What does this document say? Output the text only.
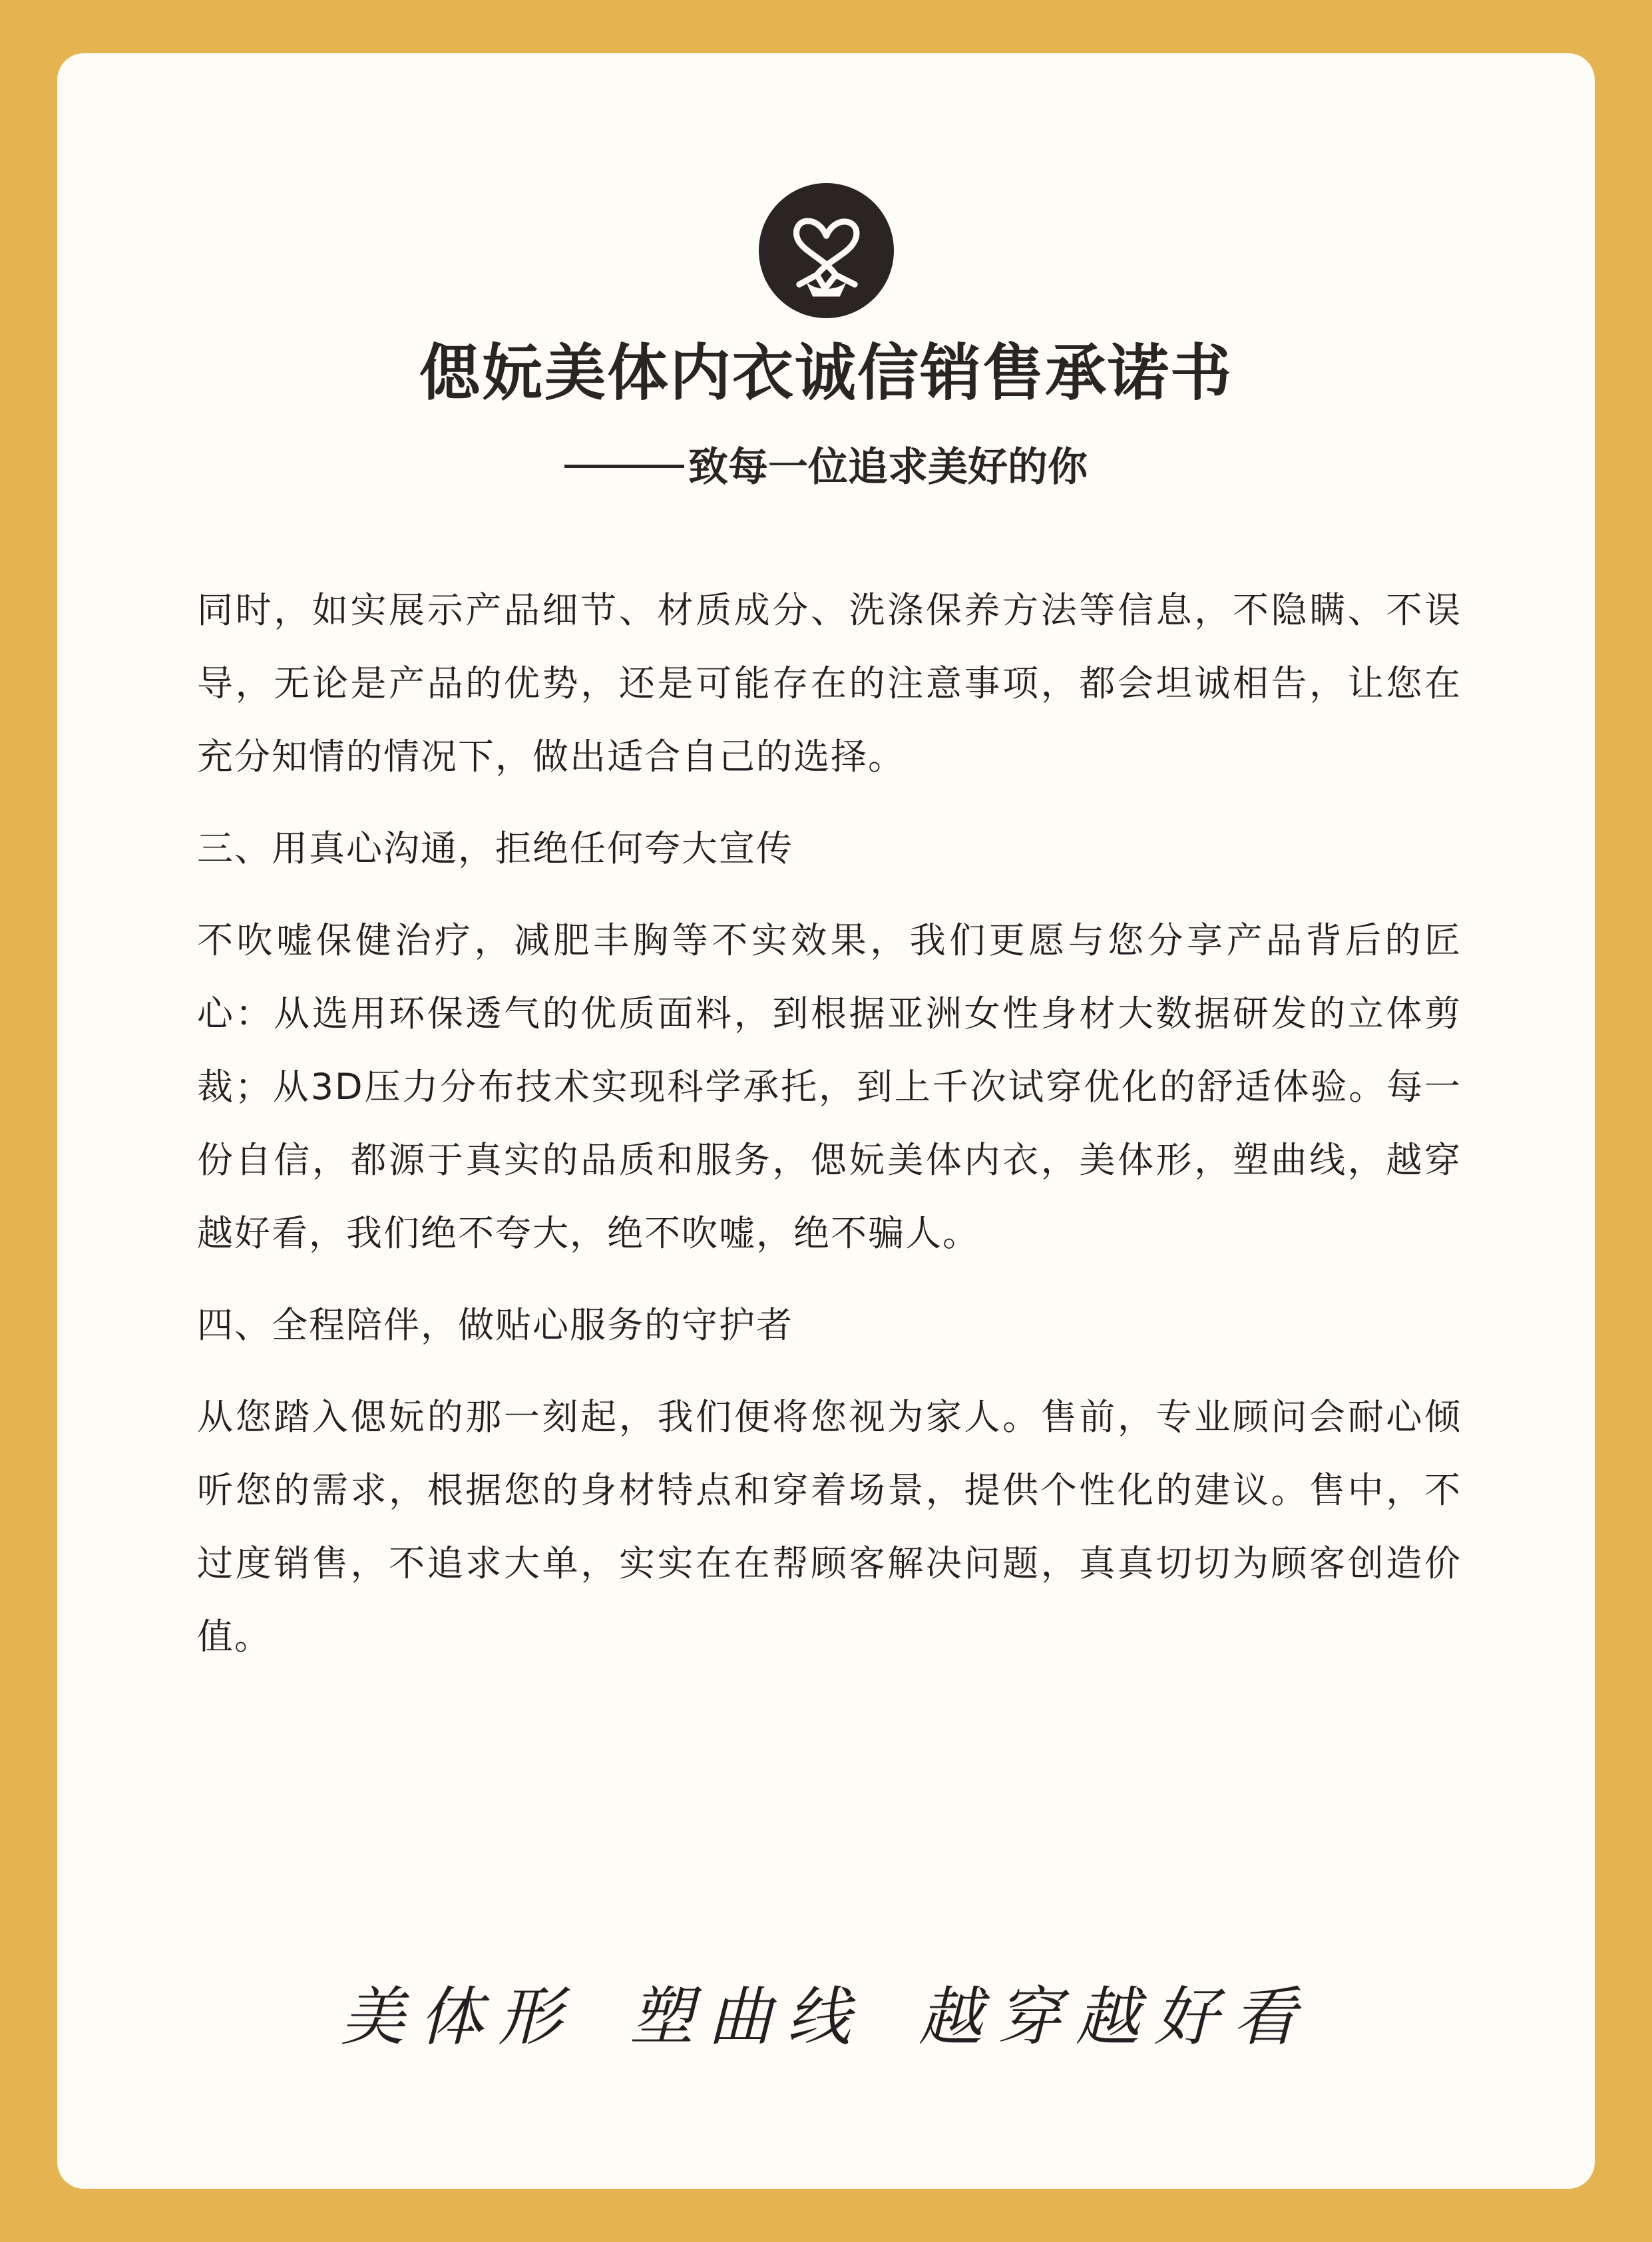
偲妧美体内衣诚信销售承诺书
致每一位追求美好的你

同时，如实展示产品细节、材质成分、洗涤保养方法等信息，不隐瞒、不误导，无论是产品的优势，还是可能存在的注意事项，都会坦诚相告，让您在充分知情的情况下，做出适合自己的选择。

三、用真心沟通，拒绝任何夸大宣传

不吹嘘保健治疗，减肥丰胸等不实效果，我们更愿与您分享产品背后的匠心：从选用环保透气的优质面料，到根据亚洲女性身材大数据研发的立体剪裁；从3D压力分布技术实现科学承托，到上千次试穿优化的舒适体验。每一份自信，都源于真实的品质和服务，偲妧美体内衣，美体形，塑曲线，越穿越好看，我们绝不夸大，绝不吹嘘，绝不骗人。

四、全程陪伴，做贴心服务的守护者

从您踏入偲妧的那一刻起，我们便将您视为家人。售前，专业顾问会耐心倾听您的需求，根据您的身材特点和穿着场景，提供个性化的建议。售中，不过度销售，不追求大单，实实在在帮顾客解决问题，真真切切为顾客创造价值。

美体形 塑曲线 越穿越好看
